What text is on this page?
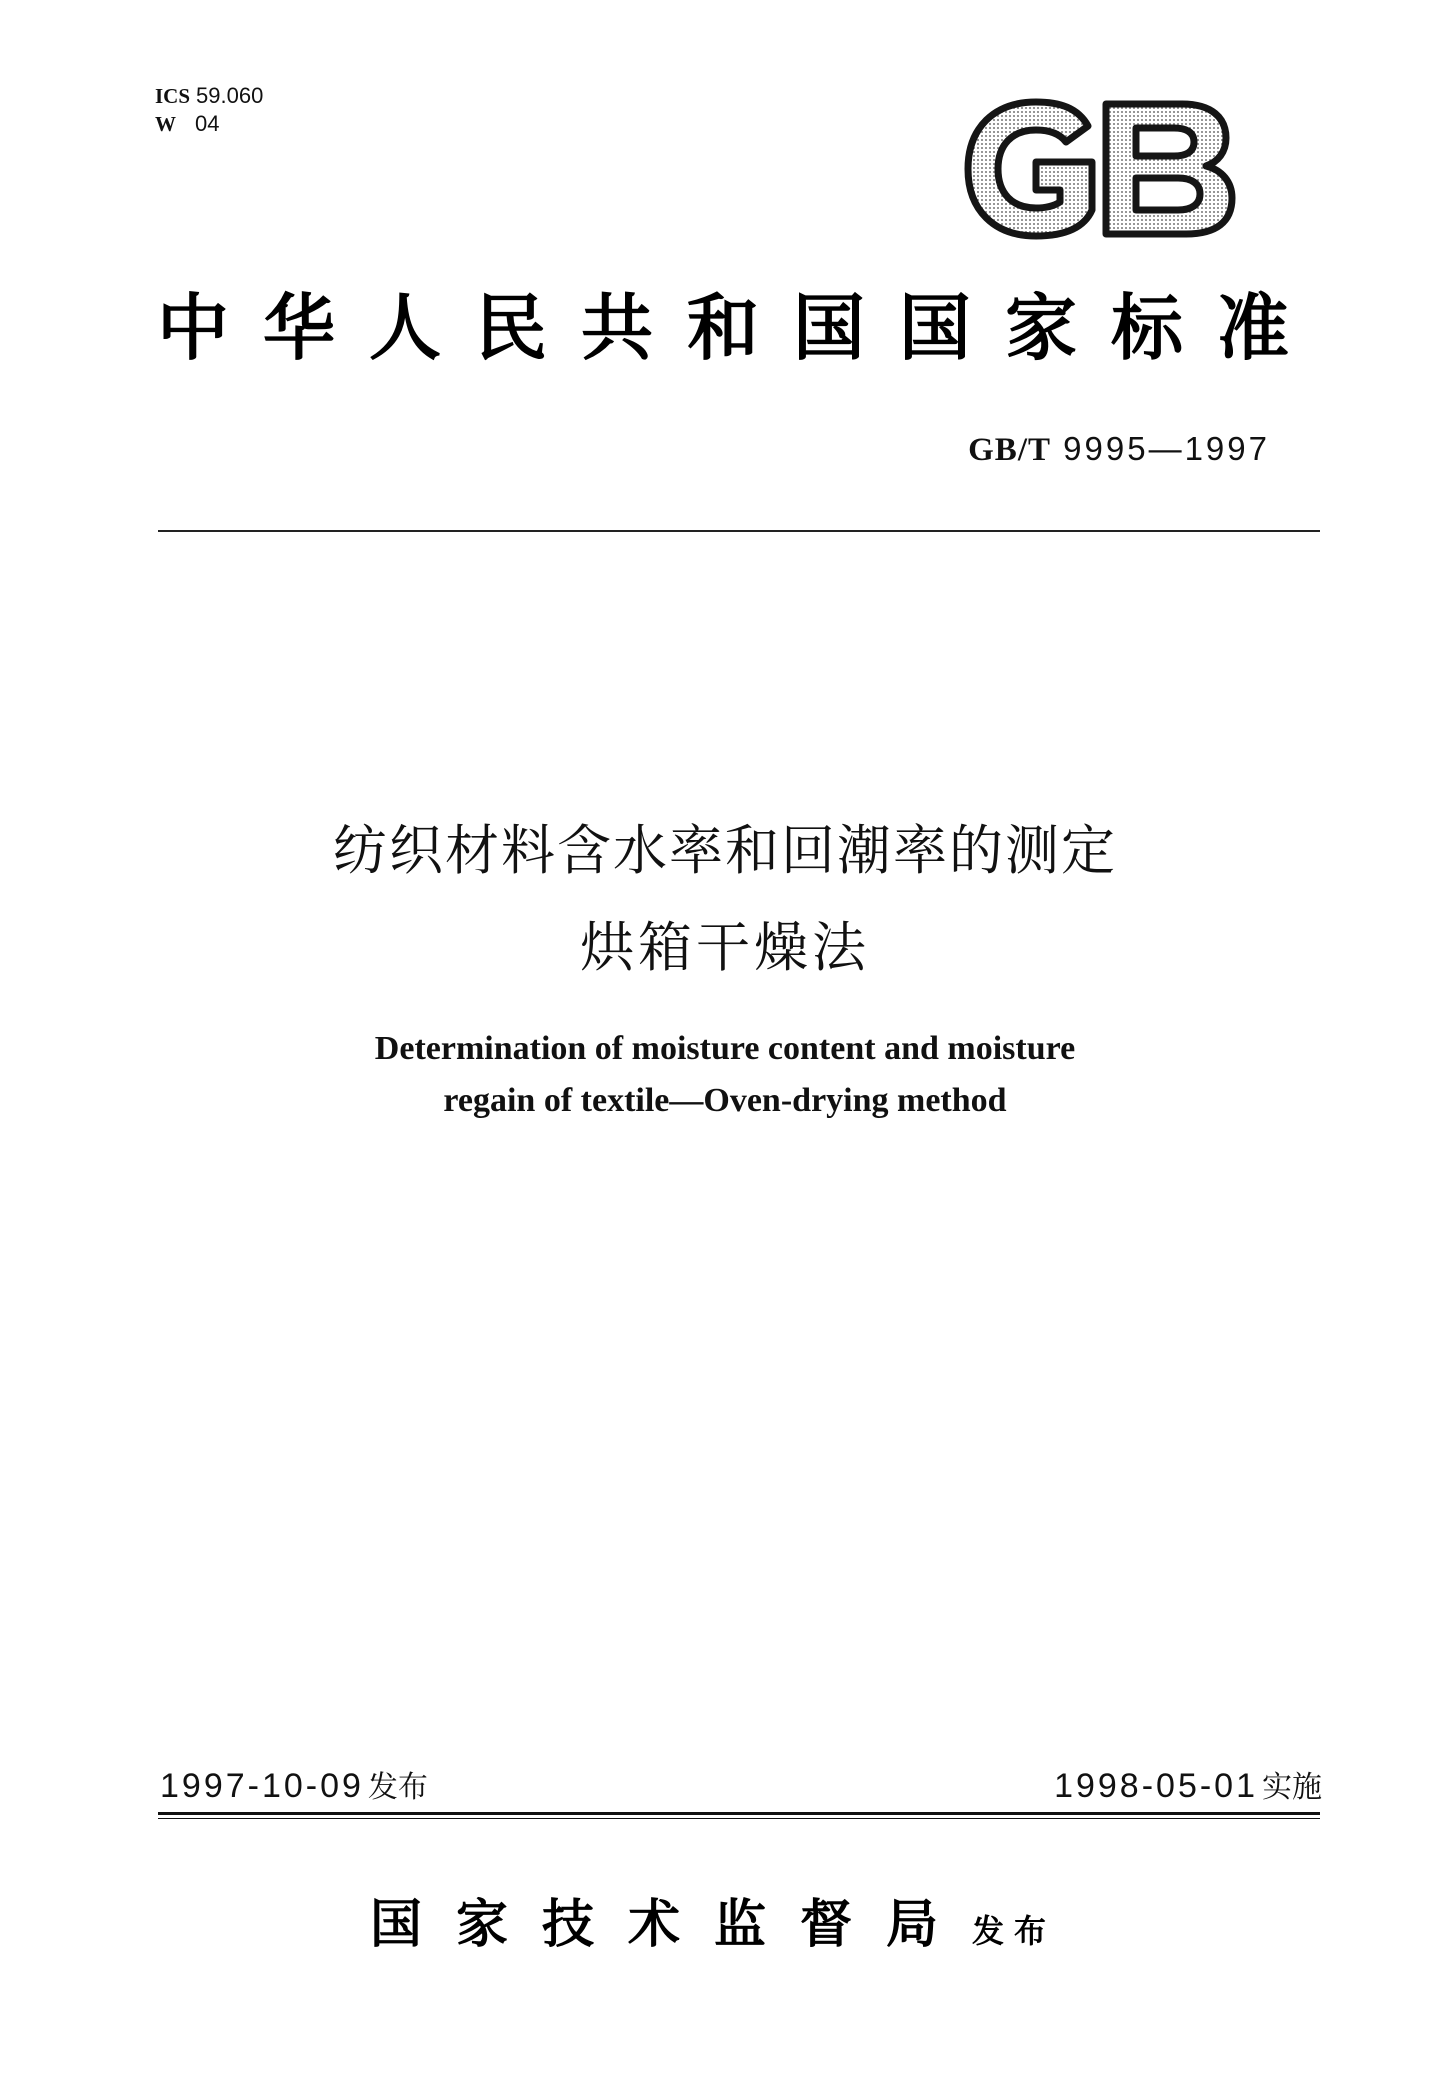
ICS 59.060
W 04
中华人民共和国国家标准
GB/T 9995—1997
纺织材料含水率和回潮率的测定
烘箱干燥法
Determination of moisture content and moisture
regain of textile—Oven-drying method
1997-10-09 发布	1998-05-01 实施
国家技术监督局发布
